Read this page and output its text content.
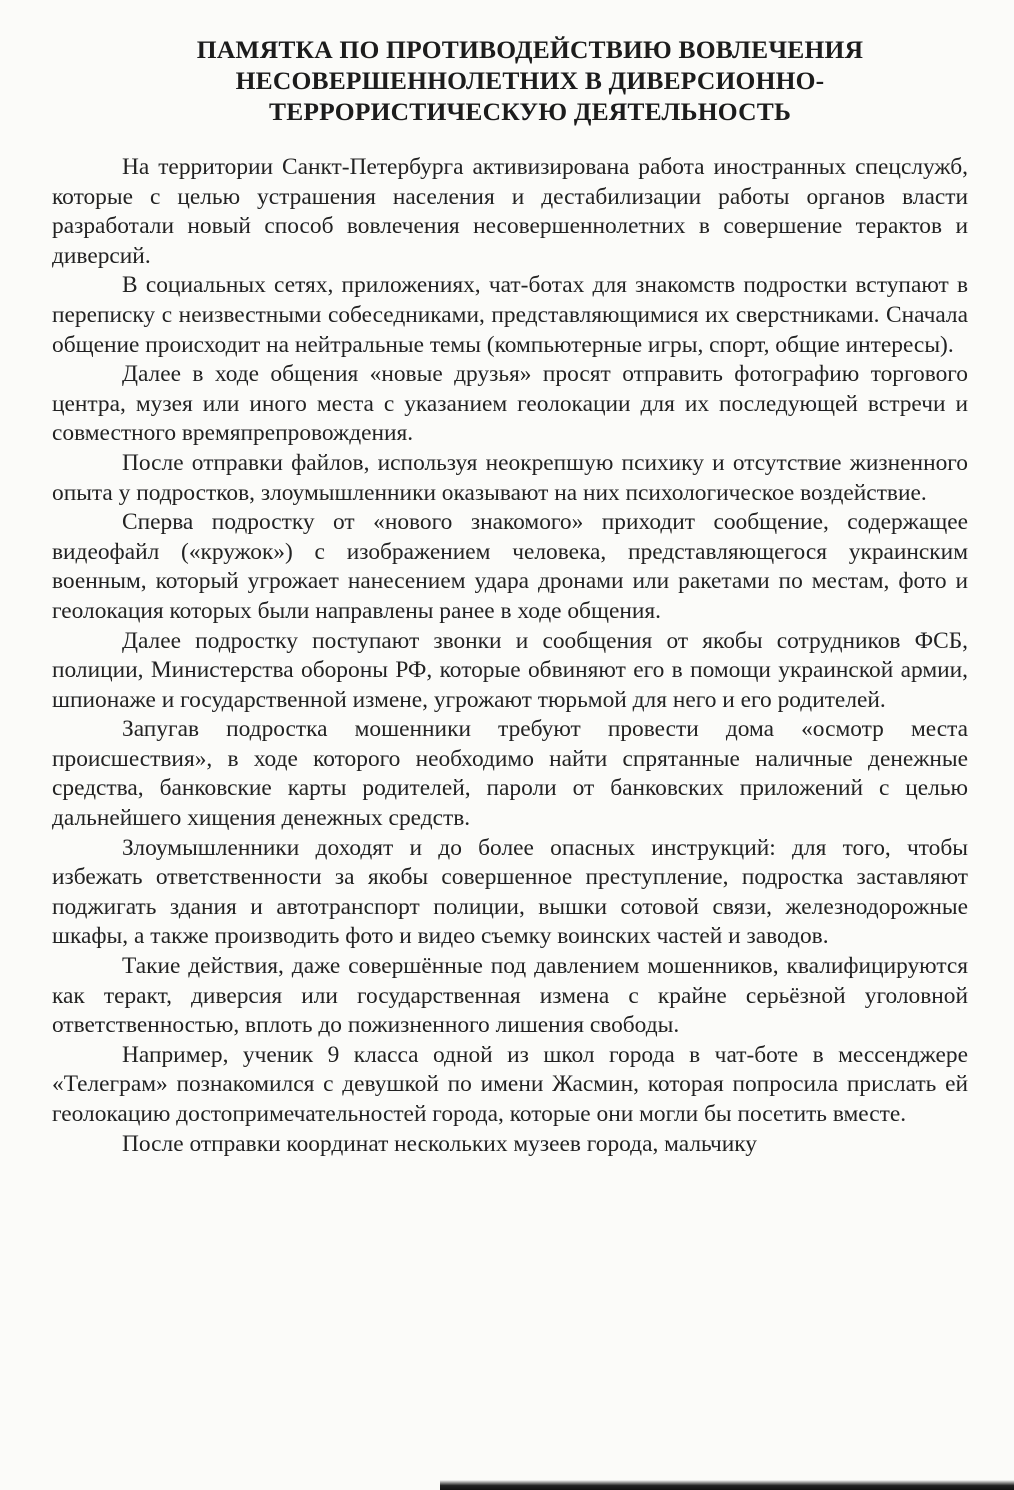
ПАМЯТКА ПО ПРОТИВОДЕЙСТВИЮ ВОВЛЕЧЕНИЯ
НЕСОВЕРШЕННОЛЕТНИХ В ДИВЕРСИОННО-
ТЕРРОРИСТИЧЕСКУЮ ДЕЯТЕЛЬНОСТЬ

На территории Санкт-Петербурга активизирована работа иностранных спецслужб, которые с целью устрашения населения и дестабилизации работы органов власти разработали новый способ вовлечения несовершеннолетних в совершение терактов и диверсий.

В социальных сетях, приложениях, чат-ботах для знакомств подростки вступают в переписку с неизвестными собеседниками, представляющимися их сверстниками. Сначала общение происходит на нейтральные темы (компьютерные игры, спорт, общие интересы).

Далее в ходе общения «новые друзья» просят отправить фотографию торгового центра, музея или иного места с указанием геолокации для их последующей встречи и совместного времяпрепровождения.

После отправки файлов, используя неокрепшую психику и отсутствие жизненного опыта у подростков, злоумышленники оказывают на них психологическое воздействие.

Сперва подростку от «нового знакомого» приходит сообщение, содержащее видеофайл («кружок») с изображением человека, представляющегося украинским военным, который угрожает нанесением удара дронами или ракетами по местам, фото и геолокация которых были направлены ранее в ходе общения.

Далее подростку поступают звонки и сообщения от якобы сотрудников ФСБ, полиции, Министерства обороны РФ, которые обвиняют его в помощи украинской армии, шпионаже и государственной измене, угрожают тюрьмой для него и его родителей.

Запугав подростка мошенники требуют провести дома «осмотр места происшествия», в ходе которого необходимо найти спрятанные наличные денежные средства, банковские карты родителей, пароли от банковских приложений с целью дальнейшего хищения денежных средств.

Злоумышленники доходят и до более опасных инструкций: для того, чтобы избежать ответственности за якобы совершенное преступление, подростка заставляют поджигать здания и автотранспорт полиции, вышки сотовой связи, железнодорожные шкафы, а также производить фото и видео съемку воинских частей и заводов.

Такие действия, даже совершённые под давлением мошенников, квалифицируются как теракт, диверсия или государственная измена с крайне серьёзной уголовной ответственностью, вплоть до пожизненного лишения свободы.

Например, ученик 9 класса одной из школ города в чат-боте в мессенджере «Телеграм» познакомился с девушкой по имени Жасмин, которая попросила прислать ей геолокацию достопримечательностей города, которые они могли бы посетить вместе.

После отправки координат нескольких музеев города, мальчику
